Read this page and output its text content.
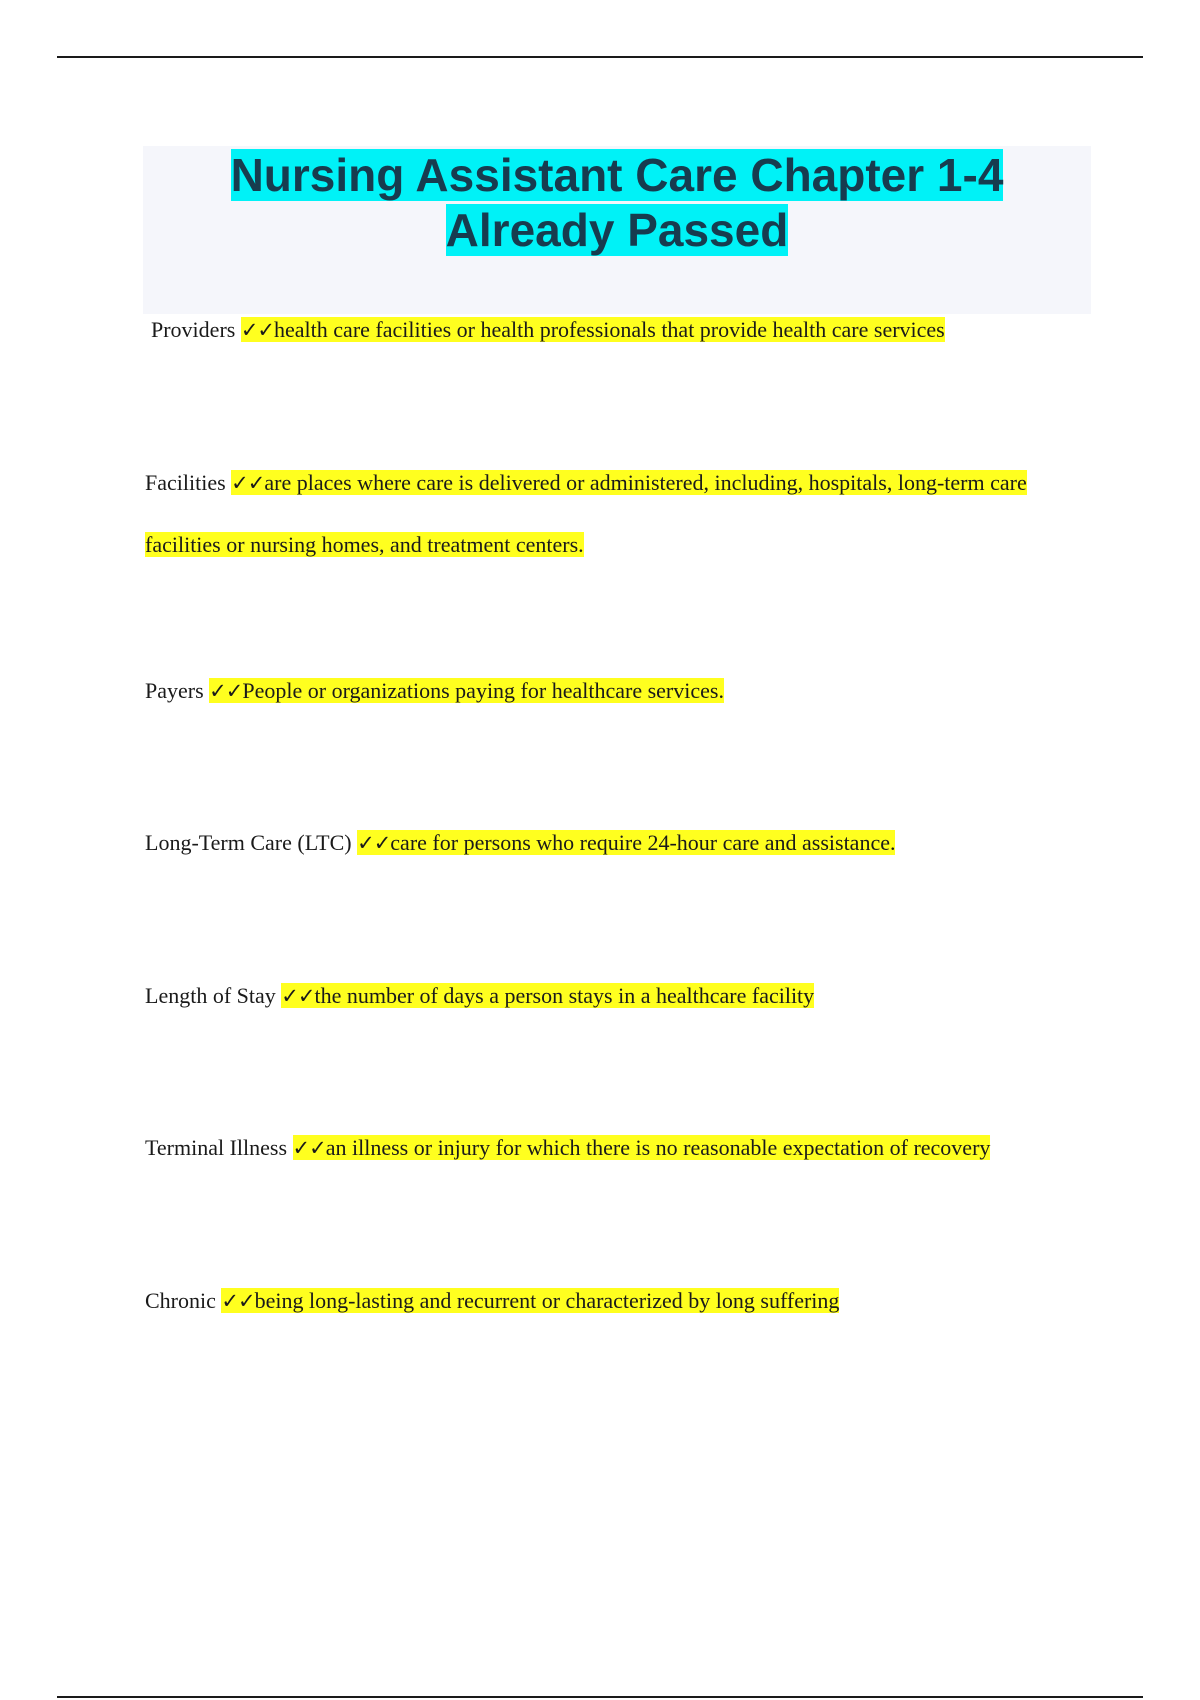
Nursing Assistant Care Chapter 1-4
Already Passed

Providers ✓✓health care facilities or health professionals that provide health care services

Facilities ✓✓are places where care is delivered or administered, including, hospitals, long-term care facilities or nursing homes, and treatment centers.

Payers ✓✓People or organizations paying for healthcare services.

Long-Term Care (LTC) ✓✓care for persons who require 24-hour care and assistance.

Length of Stay ✓✓the number of days a person stays in a healthcare facility

Terminal Illness ✓✓an illness or injury for which there is no reasonable expectation of recovery

Chronic ✓✓being long-lasting and recurrent or characterized by long suffering
